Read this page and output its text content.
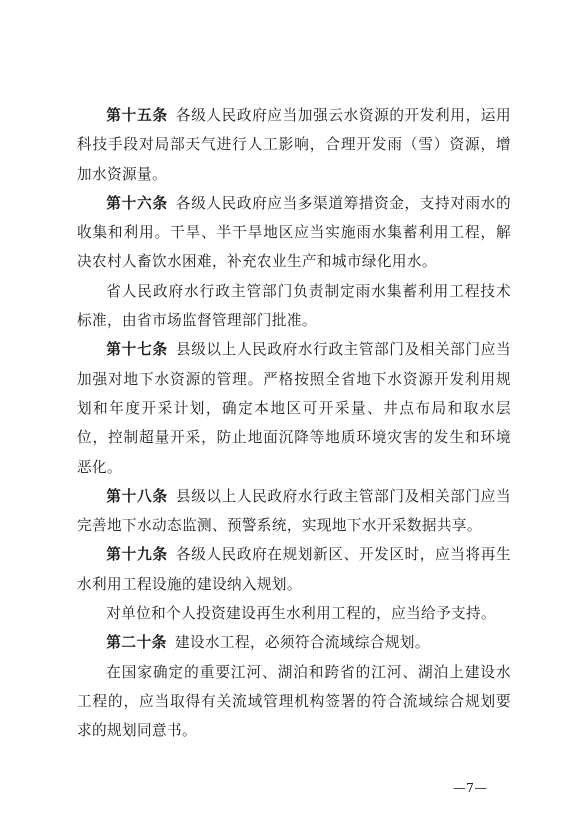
第十五条 各级人民政府应当加强云水资源的开发利用，运用科技手段对局部天气进行人工影响，合理开发雨（雪）资源，增加水资源量。

第十六条 各级人民政府应当多渠道筹措资金，支持对雨水的收集和利用。干旱、半干旱地区应当实施雨水集蓄利用工程，解决农村人畜饮水困难，补充农业生产和城市绿化用水。

省人民政府水行政主管部门负责制定雨水集蓄利用工程技术标准，由省市场监督管理部门批准。

第十七条 县级以上人民政府水行政主管部门及相关部门应当加强对地下水资源的管理。严格按照全省地下水资源开发利用规划和年度开采计划，确定本地区可开采量、井点布局和取水层位，控制超量开采，防止地面沉降等地质环境灾害的发生和环境恶化。

第十八条 县级以上人民政府水行政主管部门及相关部门应当完善地下水动态监测、预警系统，实现地下水开采数据共享。

第十九条 各级人民政府在规划新区、开发区时，应当将再生水利用工程设施的建设纳入规划。

对单位和个人投资建设再生水利用工程的，应当给予支持。

第二十条 建设水工程，必须符合流域综合规划。

在国家确定的重要江河、湖泊和跨省的江河、湖泊上建设水工程的，应当取得有关流域管理机构签署的符合流域综合规划要求的规划同意书。

—7—
